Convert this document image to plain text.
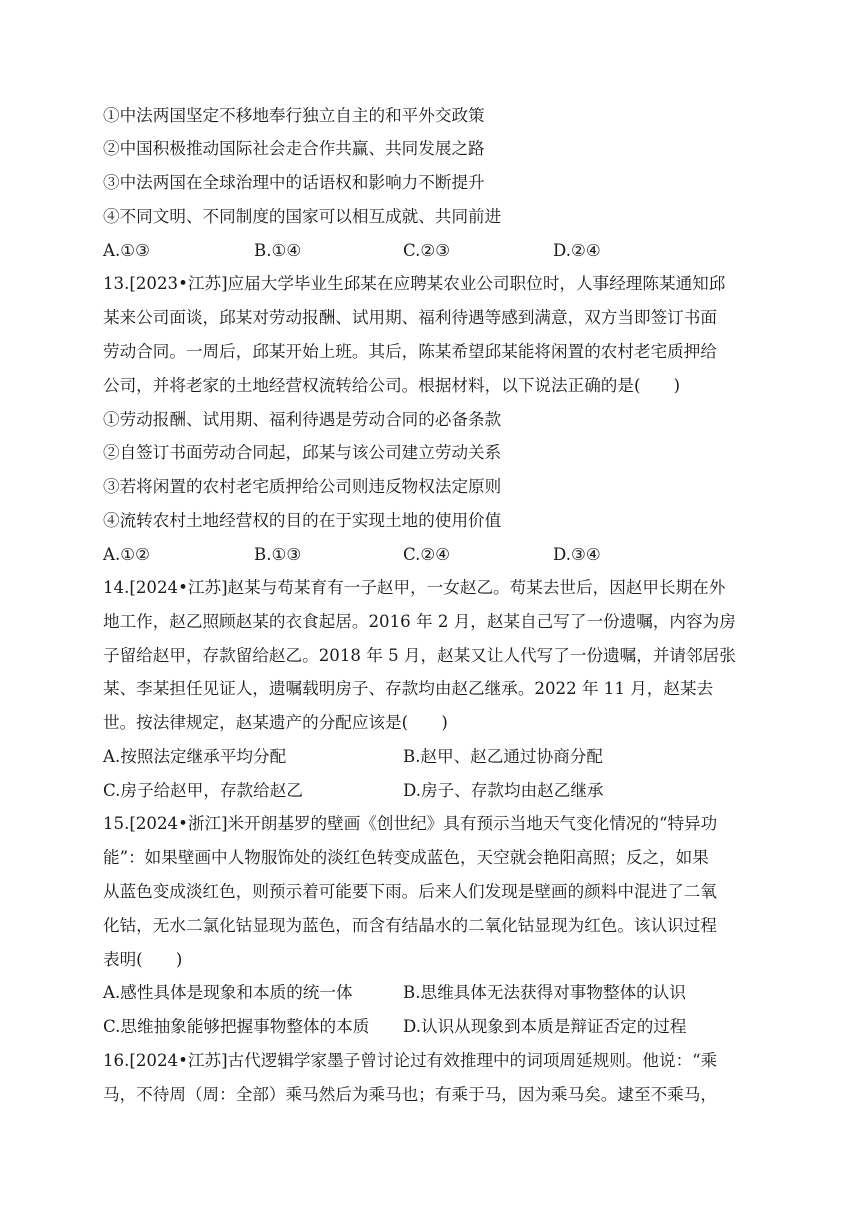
①中法两国坚定不移地奉行独立自主的和平外交政策
②中国积极推动国际社会走合作共赢、共同发展之路
③中法两国在全球治理中的话语权和影响力不断提升
④不同文明、不同制度的国家可以相互成就、共同前进
A.①③	B.①④	C.②③	D.②④
13.[2023•江苏]应届大学毕业生邱某在应聘某农业公司职位时，人事经理陈某通知邱
某来公司面谈，邱某对劳动报酬、试用期、福利待遇等感到满意，双方当即签订书面
劳动合同。一周后，邱某开始上班。其后，陈某希望邱某能将闲置的农村老宅质押给
公司，并将老家的土地经营权流转给公司。根据材料，以下说法正确的是(　　)
①劳动报酬、试用期、福利待遇是劳动合同的必备条款
②自签订书面劳动合同起，邱某与该公司建立劳动关系
③若将闲置的农村老宅质押给公司则违反物权法定原则
④流转农村土地经营权的目的在于实现土地的使用价值
A.①②	B.①③	C.②④	D.③④
14.[2024•江苏]赵某与苟某育有一子赵甲，一女赵乙。苟某去世后，因赵甲长期在外
地工作，赵乙照顾赵某的衣食起居。2016 年 2 月，赵某自己写了一份遗嘱，内容为房
子留给赵甲，存款留给赵乙。2018 年 5 月，赵某又让人代写了一份遗嘱，并请邻居张
某、李某担任见证人，遗嘱载明房子、存款均由赵乙继承。2022 年 11 月，赵某去
世。按法律规定，赵某遗产的分配应该是(　　)
A.按照法定继承平均分配	B.赵甲、赵乙通过协商分配
C.房子给赵甲，存款给赵乙	D.房子、存款均由赵乙继承
15.[2024•浙江]米开朗基罗的壁画《创世纪》具有预示当地天气变化情况的“特异功
能”：如果壁画中人物服饰处的淡红色转变成蓝色，天空就会艳阳高照；反之，如果
从蓝色变成淡红色，则预示着可能要下雨。后来人们发现是壁画的颜料中混进了二氧
化钴，无水二氯化钴显现为蓝色，而含有结晶水的二氧化钴显现为红色。该认识过程
表明(　　)
A.感性具体是现象和本质的统一体	B.思维具体无法获得对事物整体的认识
C.思维抽象能够把握事物整体的本质 D.认识从现象到本质是辩证否定的过程
16.[2024•江苏]古代逻辑学家墨子曾讨论过有效推理中的词项周延规则。他说：“乘
马，不待周（周：全部）乘马然后为乘马也；有乘于马，因为乘马矣。逮至不乘马，
